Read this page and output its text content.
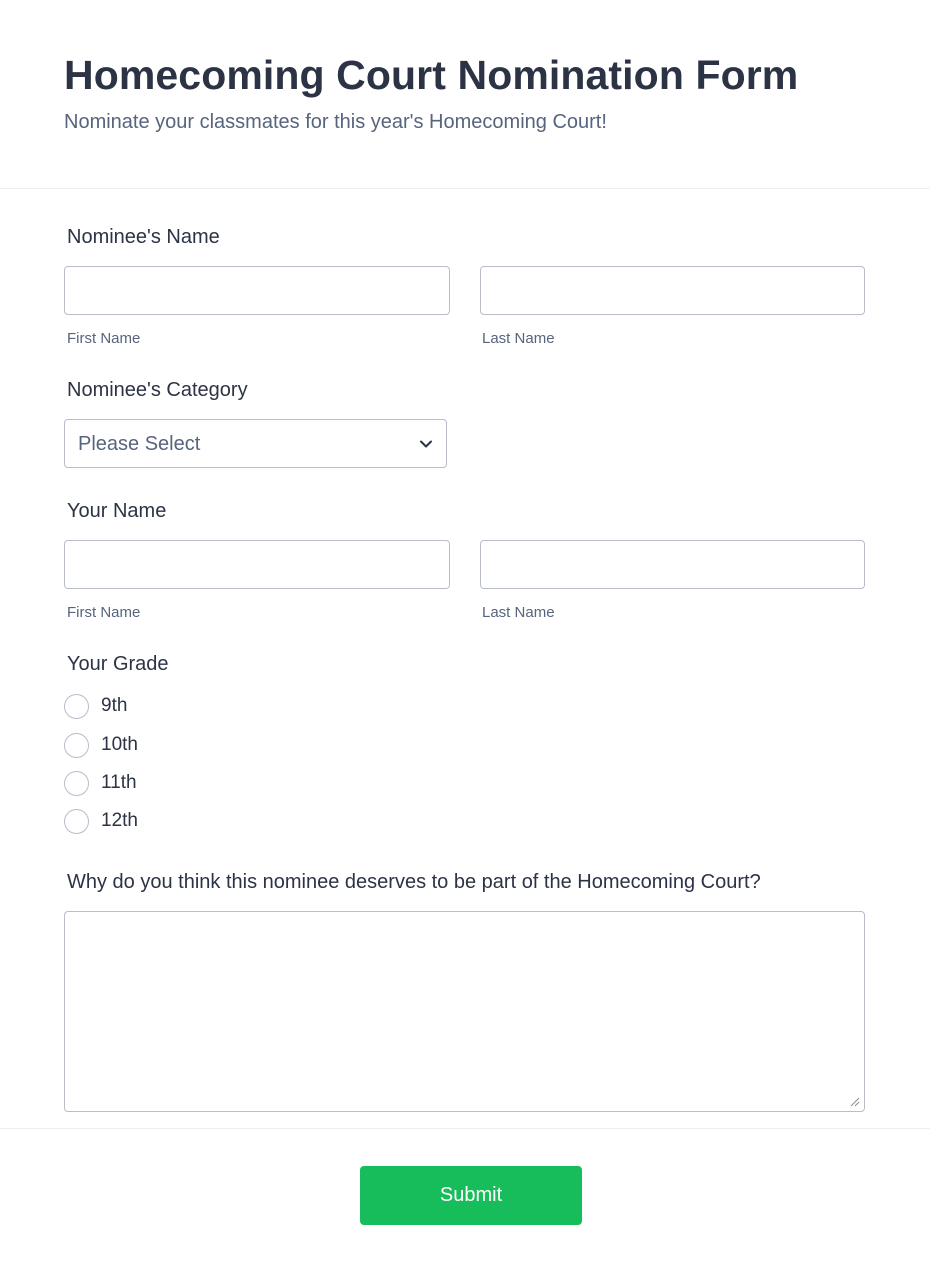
Homecoming Court Nomination Form
Nominate your classmates for this year's Homecoming Court!
Nominee's Name
First Name	Last Name
Nominee's Category
Please Select
Your Name
First Name	Last Name
Your Grade
9th
10th
11th
12th
Why do you think this nominee deserves to be part of the Homecoming Court?
Submit
